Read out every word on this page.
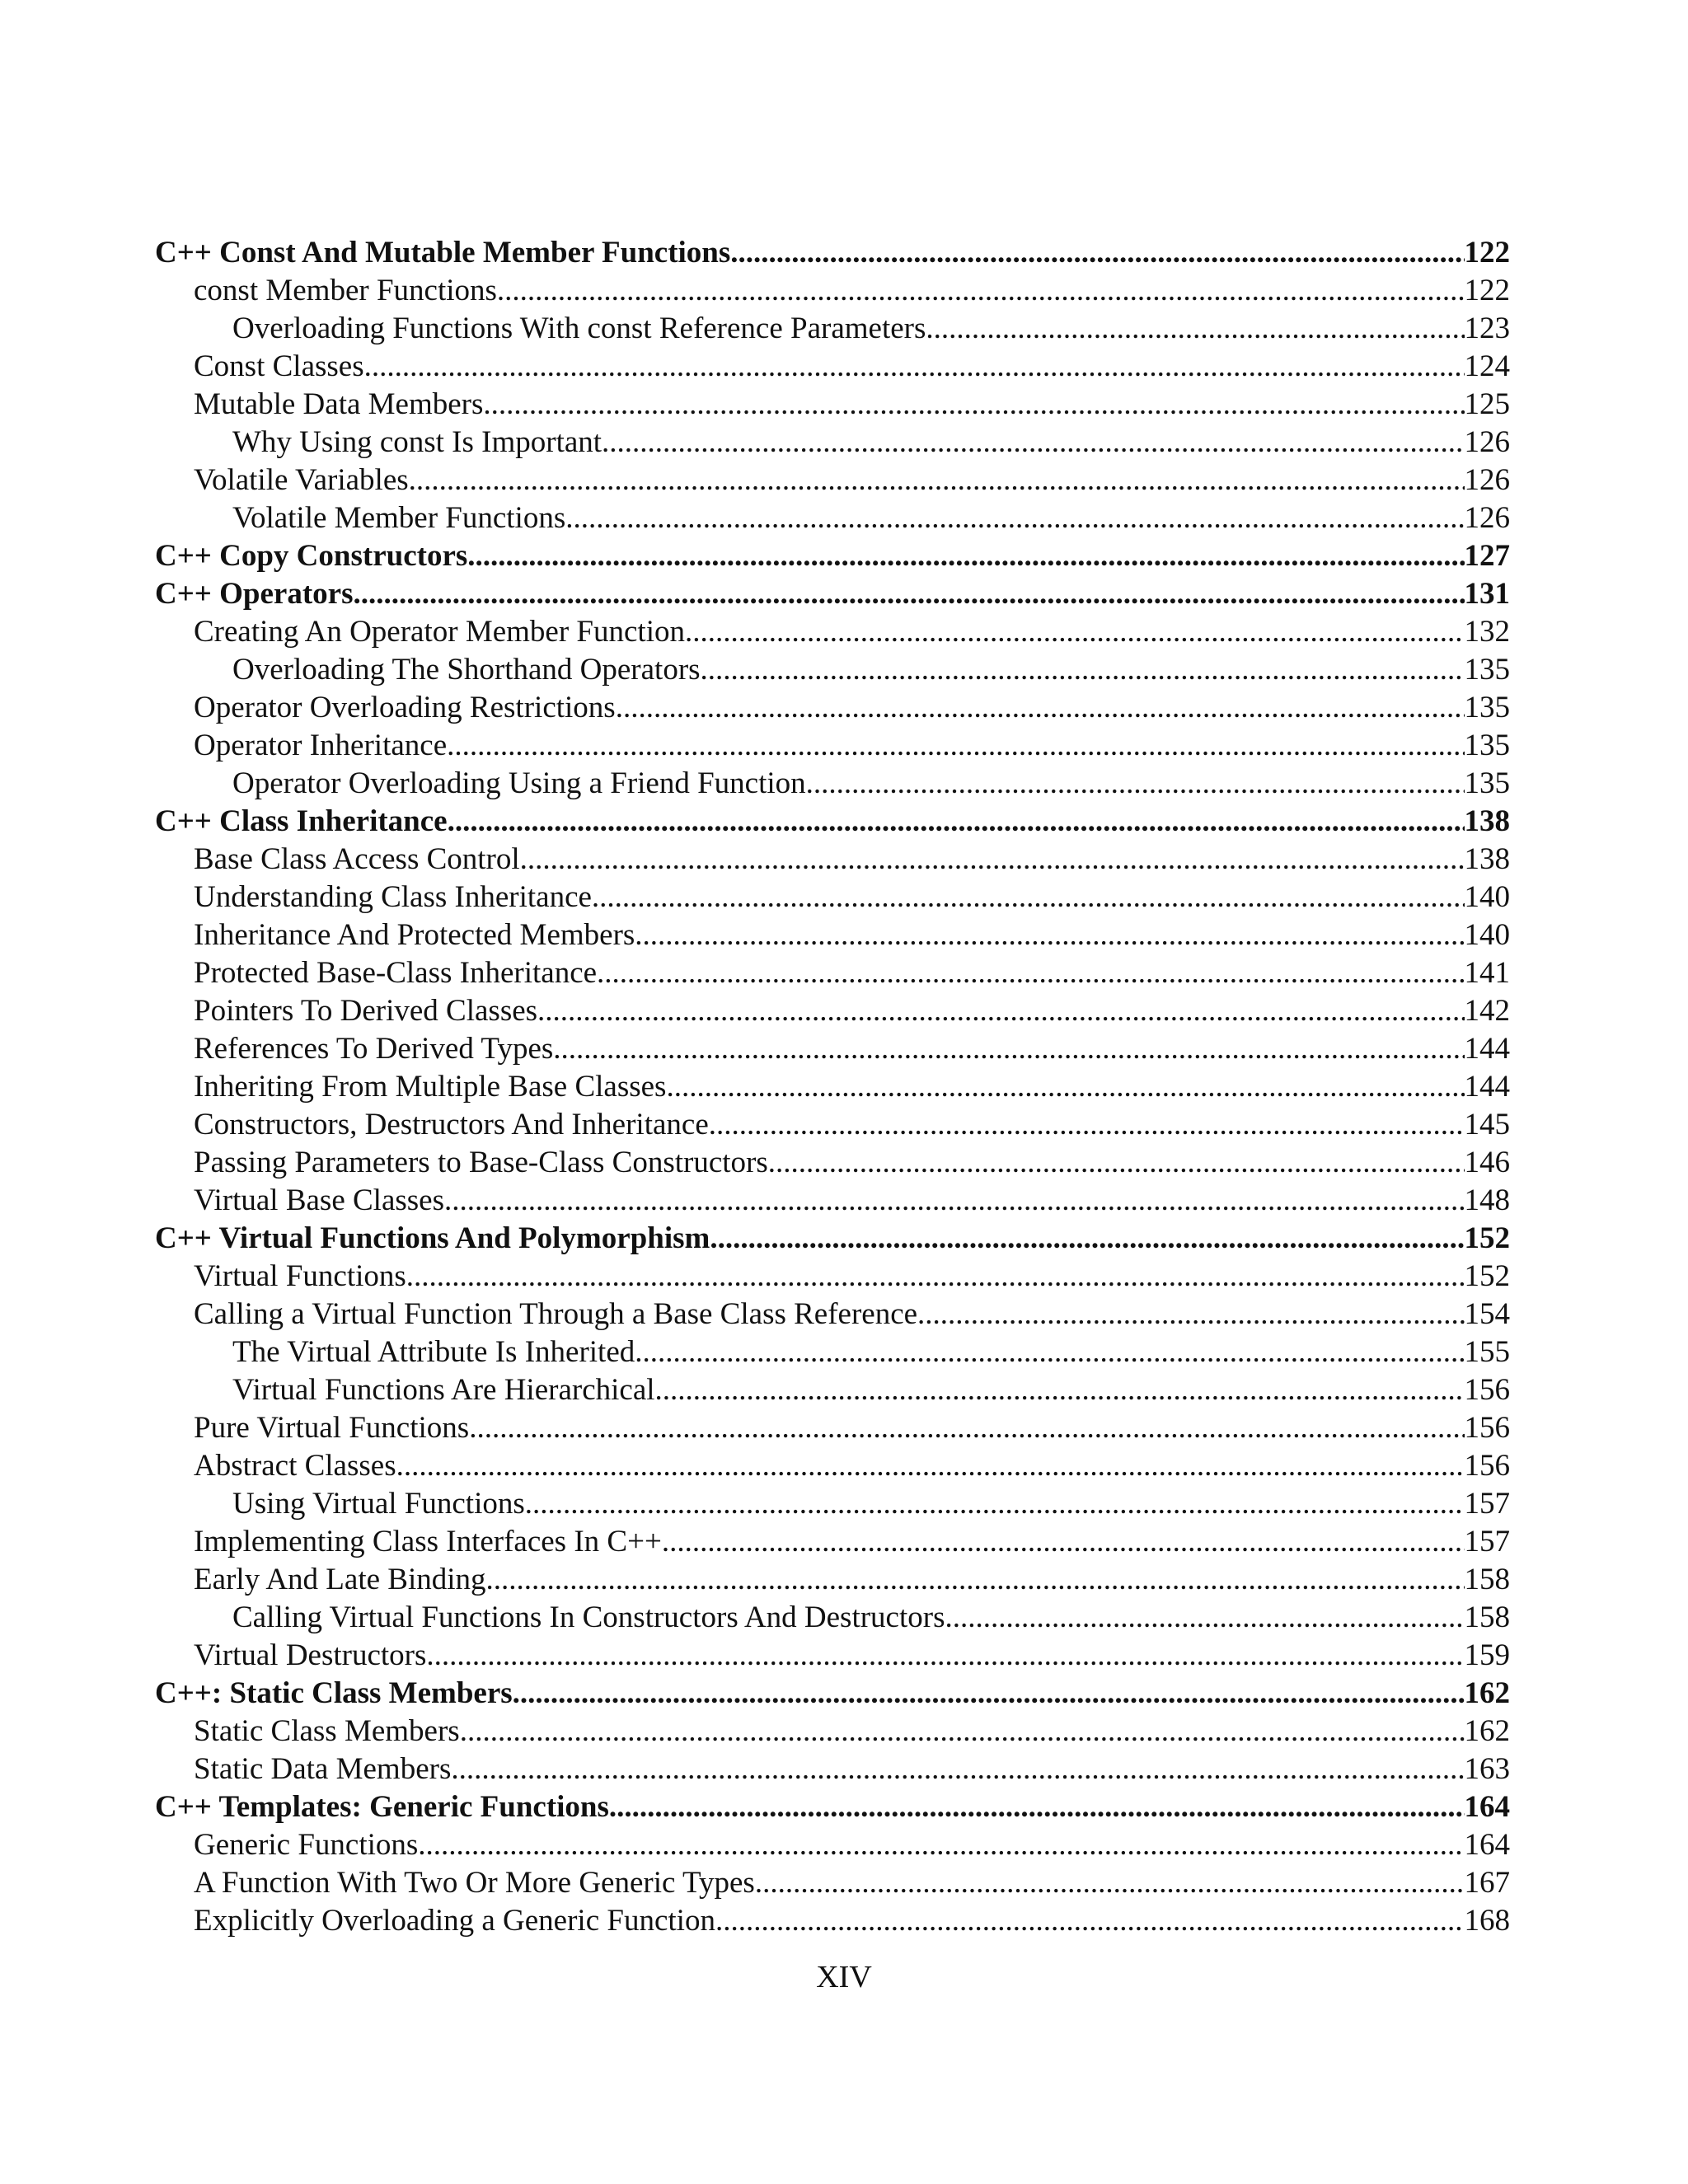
C++ Const And Mutable Member Functions .....	122
const Member Functions .....	122
Overloading Functions With const Reference Parameters .....	123
Const Classes .....	124
Mutable Data Members .....	125
Why Using const Is Important .....	126
Volatile Variables .....	126
Volatile Member Functions .....	126
C++ Copy Constructors .....	127
C++ Operators .....	131
Creating An Operator Member Function .....	132
Overloading The Shorthand Operators .....	135
Operator Overloading Restrictions .....	135
Operator Inheritance .....	135
Operator Overloading Using a Friend Function .....	135
C++ Class Inheritance .....	138
Base Class Access Control .....	138
Understanding Class Inheritance .....	140
Inheritance And Protected Members .....	140
Protected Base-Class Inheritance .....	141
Pointers To Derived Classes .....	142
References To Derived Types .....	144
Inheriting From Multiple Base Classes .....	144
Constructors, Destructors And Inheritance .....	145
Passing Parameters to Base-Class Constructors .....	146
Virtual Base Classes .....	148
C++ Virtual Functions And Polymorphism .....	152
Virtual Functions .....	152
Calling a Virtual Function Through a Base Class Reference .....	154
The Virtual Attribute Is Inherited .....	155
Virtual Functions Are Hierarchical .....	156
Pure Virtual Functions .....	156
Abstract Classes .....	156
Using Virtual Functions .....	157
Implementing Class Interfaces In C++ .....	157
Early And Late Binding .....	158
Calling Virtual Functions In Constructors And Destructors .....	158
Virtual Destructors .....	159
C++: Static Class Members .....	162
Static Class Members .....	162
Static Data Members .....	163
C++ Templates: Generic Functions .....	164
Generic Functions .....	164
A Function With Two Or More Generic Types .....	167
Explicitly Overloading a Generic Function .....	168
XIV
